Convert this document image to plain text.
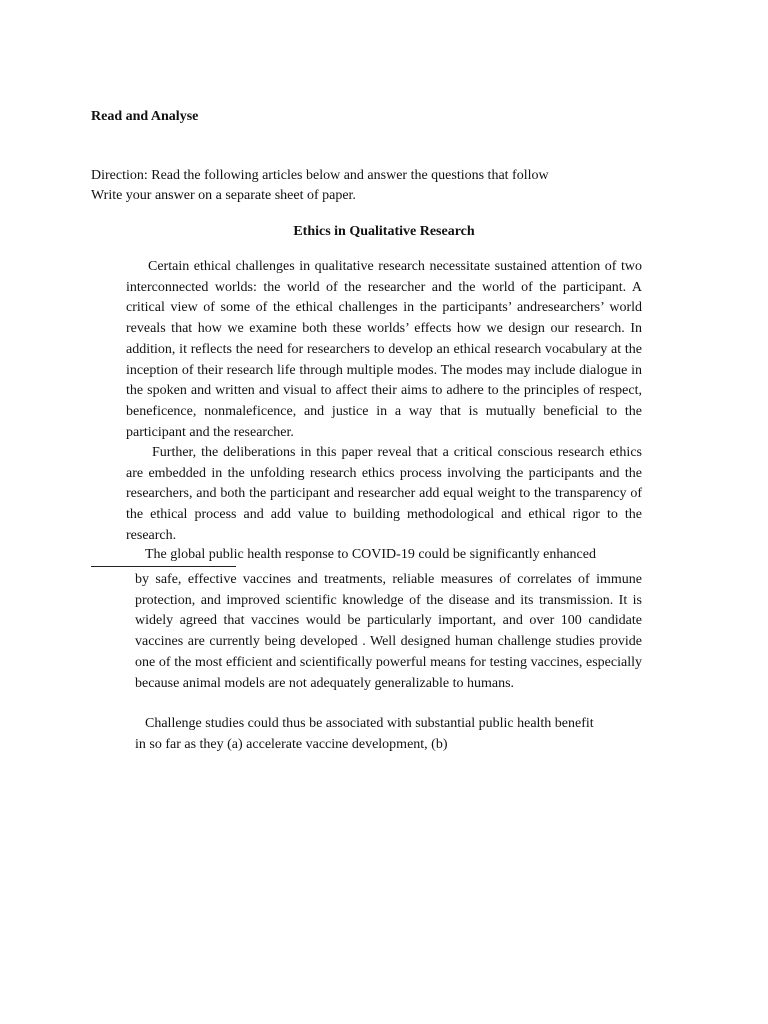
Read and Analyse
Direction: Read the following articles below and answer the questions that follow
Write your answer on a separate sheet of paper.
Ethics in Qualitative Research

Certain ethical challenges in qualitative research necessitate sustained attention of two interconnected worlds: the world of the researcher and the world of the participant. A critical view of some of the ethical challenges in the participants’ andresearchers’ world reveals that how we examine both these worlds’ effects how we design our research. In addition, it reflects the need for researchers to develop an ethical research vocabulary at the inception of their research life through multiple modes. The modes may include dialogue in the spoken and written and visual to affect their aims to adhere to the principles of respect, beneficence, nonmaleficence, and justice in a way that is mutually beneficial to the participant and the researcher.

Further, the deliberations in this paper reveal that a critical conscious research ethics are embedded in the unfolding research ethics process involving the participants and the researchers, and both the participant and researcher add equal weight to the transparency of the ethical process and add value to building methodological and ethical rigor to the research.

The global public health response to COVID-19 could be significantly enhanced

by safe, effective vaccines and treatments, reliable measures of correlates of immune protection, and improved scientific knowledge of the disease and its transmission. It is widely agreed that vaccines would be particularly important, and over 100 candidate vaccines are currently being developed . Well designed human challenge studies provide one of the most efficient and scientifically powerful means for testing vaccines, especially because animal models are not adequately generalizable to humans.

Challenge studies could thus be associated with substantial public health benefit
in so far as they (a) accelerate vaccine development, (b)
